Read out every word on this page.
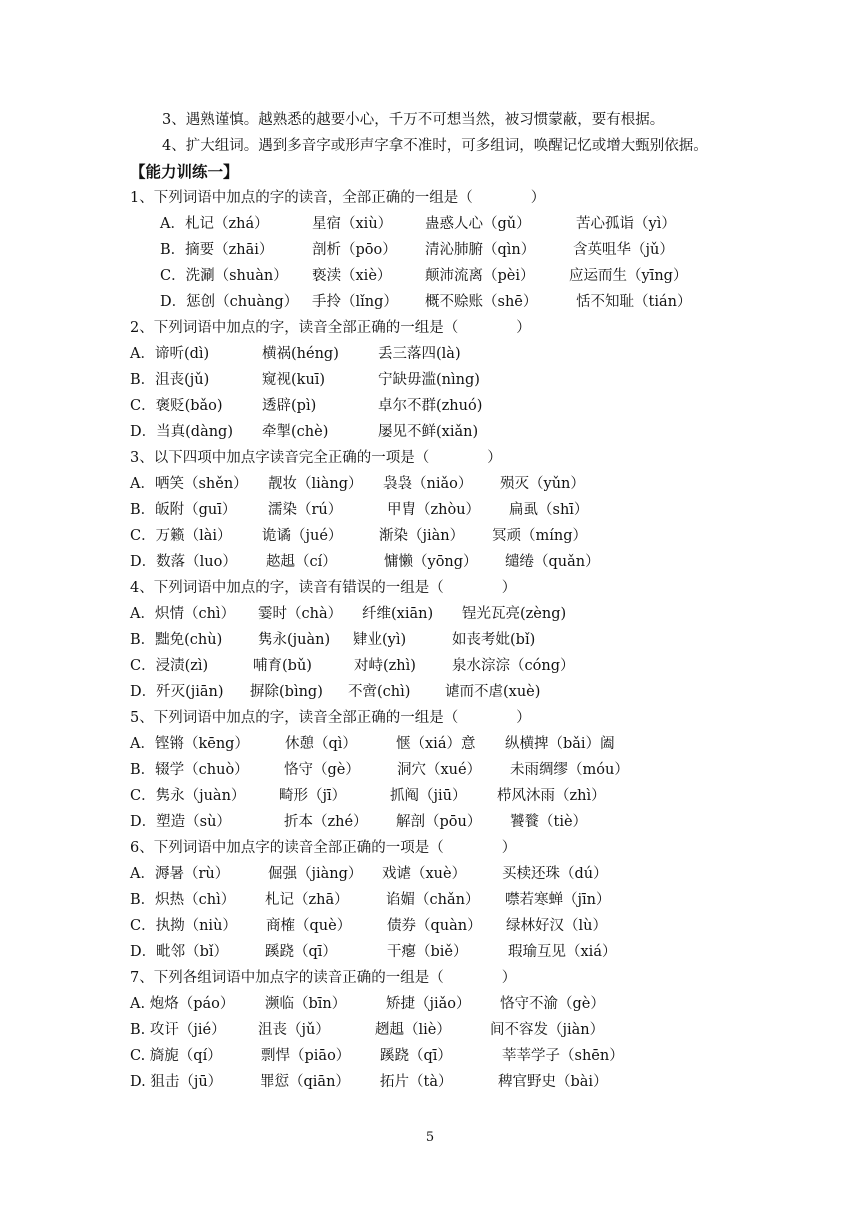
3、遇熟谨慎。越熟悉的越要小心，千万不可想当然，被习惯蒙蔽，要有根据。
4、扩大组词。遇到多音字或形声字拿不准时，可多组词，唤醒记忆或增大甄别依据。
【能力训练一】
1、下列词语中加点的字的读音，全部正确的一组是（　　　　）
A．札记（zhá）	星宿（xiù） 蛊惑人心（gǔ）	苦心孤诣（yì）
B．摘要（zhāi）	剖析（pōo） 清沁肺腑（qìn）	含英咀华（jǔ）
C．洗涮（shuàn） 亵渎（xiè） 颠沛流离（pèi） 应运而生（yīng）
D．惩创（chuàng） 手拎（lǐng） 概不赊账（shē）	恬不知耻（tián）
2、下列词语中加点的字，读音全部正确的一组是（　　　　）
A．谛听(dì)	横祸(héng)	丢三落四(là)
B．沮丧(jǔ)	窥视(kuī)	宁缺毋滥(nìng)
C．褒贬(bǎo)	透辟(pì)	卓尔不群(zhuó)
D．当真(dàng) 牵掣(chè)	屡见不鲜(xiǎn)
3、以下四项中加点字读音完全正确的一项是（　　　　）
A．哂笑（shěn） 靓妆（liàng） 袅袅（niǎo） 殒灭（yǔn）
B．皈附（guī） 濡染（rú）	甲胄（zhòu） 扁虱（shī）
C．万籁（lài） 诡谲（jué）	渐染（jiàn） 冥顽（míng）
D．数落（luo） 趑趄（cí）	慵懒（yōng） 缱绻（quǎn）
4、下列词语中加点的字，读音有错误的一组是（　　　　）
A．炽情（chì） 霎时（chà） 纤维(xiān) 锃光瓦亮(zèng)
B．黜免(chù) 隽永(juàn) 肄业(yì)	如丧考妣(bǐ)
C．浸渍(zì)	哺育(bǔ)	对峙(zhì) 泉水淙淙（cóng）
D．歼灭(jiān) 摒除(bìng) 不啻(chì) 谑而不虐(xuè)
5、下列词语中加点的字，读音全部正确的一组是（　　　　）
A．铿锵（kēng） 休憩（qì）	惬（xiá）意 纵横捭（bǎi）阖
B．辍学（chuò） 恪守（gè）	洞穴（xué） 未雨绸缪（móu）
C．隽永（juàn） 畸形（jī）	抓阄（jiū） 栉风沐雨（zhì）
D．塑造（sù）	折本（zhé） 解剖（pōu） 饕餮（tiè）
6、下列词语中加点字的读音全部正确的一项是（　　　　）
A．溽暑（rù）	倔强（jiàng） 戏谑（xuè） 买椟还珠（dú）
B．炽热（chì） 札记（zhā）	谄媚（chǎn） 噤若寒蝉（jīn）
C．执拗（niù） 商榷（què） 债券（quàn） 绿林好汉（lù）
D．毗邻（bǐ）	蹊跷（qī）	干瘪（biě）	瑕瑜互见（xiá）
7、下列各组词语中加点字的读音正确的一组是（　　　　）
A. 炮烙（páo） 濒临（bīn）	矫捷（jiǎo） 恪守不渝（gè）
B. 攻讦（jié） 沮丧（jǔ）	趔趄（liè）	间不容发（jiàn）
C. 旖旎（qí）	剽悍（piāo） 蹊跷（qī）	莘莘学子（shēn）
D. 狙击（jū）	罪愆（qiān） 拓片（tà）	稗官野史（bài）
5
